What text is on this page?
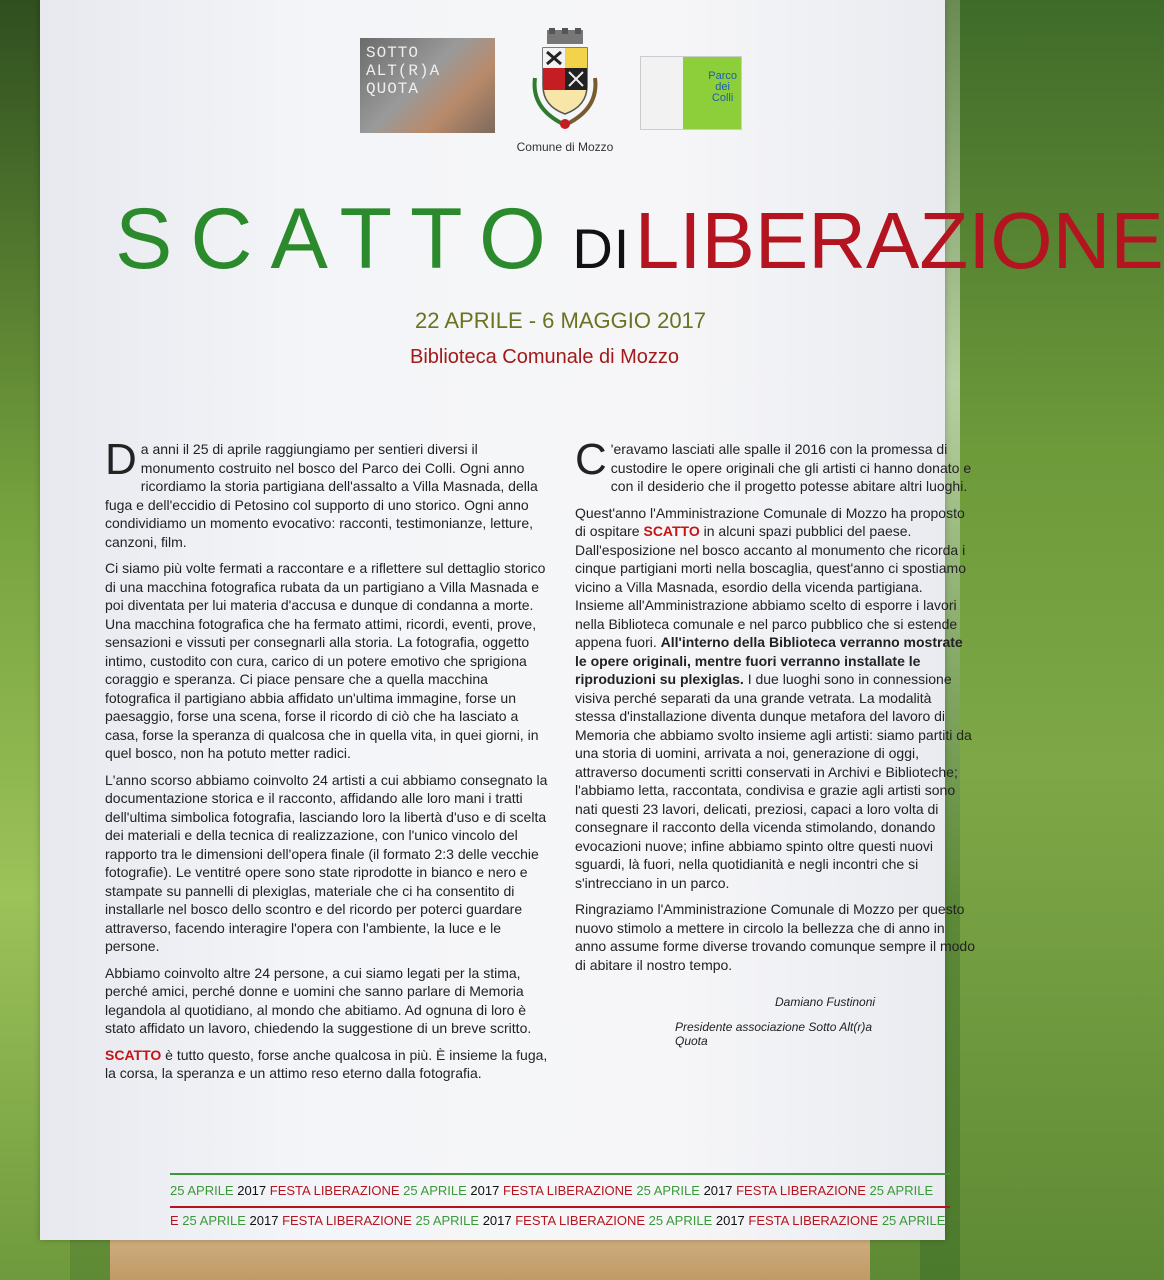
SOTTO
ALT(R)A
QUOTA
Comune di Mozzo
Parco
dei
Colli
SCATTO DI LIBERAZIONE
22 APRILE - 6 MAGGIO 2017
Biblioteca Comunale di Mozzo

Da anni il 25 di aprile raggiungiamo per sentieri diversi il monumento costruito nel bosco del Parco dei Colli. Ogni anno ricordiamo la storia partigiana dell'assalto a Villa Masnada, della fuga e dell'eccidio di Petosino col supporto di uno storico. Ogni anno condividiamo un momento evocativo: racconti, testimonianze, letture, canzoni, film.

Ci siamo più volte fermati a raccontare e a riflettere sul dettaglio storico di una macchina fotografica rubata da un partigiano a Villa Masnada e poi diventata per lui materia d'accusa e dunque di condanna a morte. Una macchina fotografica che ha fermato attimi, ricordi, eventi, prove, sensazioni e vissuti per consegnarli alla storia. La fotografia, oggetto intimo, custodito con cura, carico di un potere emotivo che sprigiona coraggio e speranza. Ci piace pensare che a quella macchina fotografica il partigiano abbia affidato un'ultima immagine, forse un paesaggio, forse una scena, forse il ricordo di ciò che ha lasciato a casa, forse la speranza di qualcosa che in quella vita, in quei giorni, in quel bosco, non ha potuto metter radici.

L'anno scorso abbiamo coinvolto 24 artisti a cui abbiamo consegnato la documentazione storica e il racconto, affidando alle loro mani i tratti dell'ultima simbolica fotografia, lasciando loro la libertà d'uso e di scelta dei materiali e della tecnica di realizzazione, con l'unico vincolo del rapporto tra le dimensioni dell'opera finale (il formato 2:3 delle vecchie fotografie). Le ventitré opere sono state riprodotte in bianco e nero e stampate su pannelli di plexiglas, materiale che ci ha consentito di installarle nel bosco dello scontro e del ricordo per poterci guardare attraverso, facendo interagire l'opera con l'ambiente, la luce e le persone.

Abbiamo coinvolto altre 24 persone, a cui siamo legati per la stima, perché amici, perché donne e uomini che sanno parlare di Memoria legandola al quotidiano, al mondo che abitiamo. Ad ognuna di loro è stato affidato un lavoro, chiedendo la suggestione di un breve scritto.

SCATTO è tutto questo, forse anche qualcosa in più. È insieme la fuga, la corsa, la speranza e un attimo reso eterno dalla fotografia.

C 'eravamo lasciati alle spalle il 2016 con la promessa di custodire le opere originali che gli artisti ci hanno donato e con il desiderio che il progetto potesse abitare altri luoghi.

Quest'anno l'Amministrazione Comunale di Mozzo ha proposto di ospitare SCATTO in alcuni spazi pubblici del paese. Dall'esposizione nel bosco accanto al monumento che ricorda i cinque partigiani morti nella boscaglia, quest'anno ci spostiamo vicino a Villa Masnada, esordio della vicenda partigiana. Insieme all'Amministrazione abbiamo scelto di esporre i lavori nella Biblioteca comunale e nel parco pubblico che si estende appena fuori. All'interno della Biblioteca verranno mostrate le opere originali, mentre fuori verranno installate le riproduzioni su plexiglas. I due luoghi sono in connessione visiva perché separati da una grande vetrata. La modalità stessa d'installazione diventa dunque metafora del lavoro di Memoria che abbiamo svolto insieme agli artisti: siamo partiti da una storia di uomini, arrivata a noi, generazione di oggi, attraverso documenti scritti conservati in Archivi e Biblioteche; l'abbiamo letta, raccontata, condivisa e grazie agli artisti sono nati questi 23 lavori, delicati, preziosi, capaci a loro volta di consegnare il racconto della vicenda stimolando, donando evocazioni nuove; infine abbiamo spinto oltre questi nuovi sguardi, là fuori, nella quotidianità e negli incontri che si s'intrecciano in un parco.

Ringraziamo l'Amministrazione Comunale di Mozzo per questo nuovo stimolo a mettere in circolo la bellezza che di anno in anno assume forme diverse trovando comunque sempre il modo di abitare il nostro tempo.

Damiano Fustinoni
Presidente associazione Sotto Alt(r)a Quota
25 APRILE 2017 FESTA LIBERAZIONE 25 APRILE 2017 FESTA LIBERAZIONE 25 APRILE 2017 FESTA LIBERAZIONE 25 APRILE
E 25 APRILE 2017 FESTA LIBERAZIONE 25 APRILE 2017 FESTA LIBERAZIONE 25 APRILE 2017 FESTA LIBERAZIONE 25 APRILE
